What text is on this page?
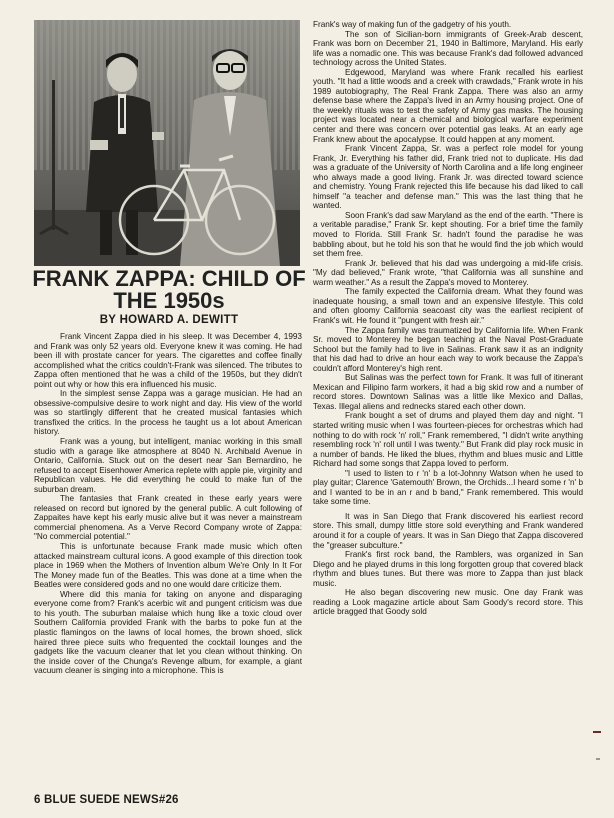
FRANK ZAPPA: CHILD OF THE 1950s
BY HOWARD A. DEWITT

Frank Vincent Zappa died in his sleep. It was December 4, 1993 and Frank was only 52 years old. Everyone knew it was coming. He had been ill with prostate cancer for years. The cigarettes and coffee finally accomplished what the critics couldn't-Frank was silenced. The tributes to Zappa often mentioned that he was a child of the 1950s, but they didn't point out why or how this era influenced his music.

In the simplest sense Zappa was a garage musician. He had an obsessive-compulsive desire to work night and day. His view of the world was so startlingly different that he created musical fantasies which transfixed the critics. In the process he taught us a lot about American history.

Frank was a young, but intelligent, maniac working in this small studio with a garage like atmosphere at 8040 N. Archibald Avenue in Ontario, California. Stuck out on the desert near San Bernardino, he refused to accept Eisenhower America replete with apple pie, virginity and Republican values. He did everything he could to make fun of the suburban dream.

The fantasies that Frank created in these early years were released on record but ignored by the general public. A cult following of Zappaites have kept his early music alive but it was never a mainstream commercial phenomena. As a Verve Record Company wrote of Zappa: "No commercial potential."

This is unfortunate because Frank made music which often attacked mainstream cultural icons. A good example of this direction took place in 1969 when the Mothers of Invention album We're Only In It For The Money made fun of the Beatles. This was done at a time when the Beatles were considered gods and no one would dare criticize them.

Where did this mania for taking on anyone and disparaging everyone come from? Frank's acerbic wit and pungent criticism was due to his youth. The suburban malaise which hung like a toxic cloud over Southern California provided Frank with the barbs to poke fun at the plastic flamingos on the lawns of local homes, the brown shoed, slick haired three piece suits who frequented the cocktail lounges and the gadgets like the vacuum cleaner that let you clean without thinking. On the inside cover of the Chunga's Revenge album, for example, a giant vacuum cleaner is singing into a microphone. This is

Frank's way of making fun of the gadgetry of his youth.

The son of Sicilian-born immigrants of Greek-Arab descent, Frank was born on December 21, 1940 in Baltimore, Maryland. His early life was a nomadic one. This was because Frank's dad followed advanced technology across the United States.

Edgewood, Maryland was where Frank recalled his earliest youth. "It had a little woods and a creek with crawdads," Frank wrote in his 1989 autobiography, The Real Frank Zappa. There was also an army defense base where the Zappa's lived in an Army housing project. One of the weekly rituals was to test the safety of Army gas masks. The housing project was located near a chemical and biological warfare experiment center and there was concern over potential gas leaks. At an early age Frank knew about the apocalypse. It could happen at any moment.

Frank Vincent Zappa, Sr. was a perfect role model for young Frank, Jr. Everything his father did, Frank tried not to duplicate. His dad was a graduate of the University of North Carolina and a life long engineer who always made a good living. Frank Jr. was directed toward science and chemistry. Young Frank rejected this life because his dad liked to call himself "a teacher and defense man." This was the last thing that he wanted.

Soon Frank's dad saw Maryland as the end of the earth. "There is a veritable paradise," Frank Sr. kept shouting. For a brief time the family moved to Florida. Still Frank Sr. hadn't found the paradise he was babbling about, but he told his son that he would find the job which would set them free.

Frank Jr. believed that his dad was undergoing a mid-life crisis. "My dad believed," Frank wrote, "that California was all sunshine and warm weather." As a result the Zappa's moved to Monterey.

The family expected the California dream. What they found was inadequate housing, a small town and an expensive lifestyle. This cold and often gloomy California seacoast city was the earliest recipient of Frank's wit. He found it "pungent with fresh air."

The Zappa family was traumatized by California life. When Frank Sr. moved to Monterey he began teaching at the Naval Post-Graduate School but the family had to live in Salinas. Frank saw it as an indignity that his dad had to drive an hour each way to work because the Zappa's couldn't afford Monterey's high rent.

But Salinas was the perfect town for Frank. It was full of itinerant Mexican and Filipino farm workers, it had a big skid row and a number of record stores. Downtown Salinas was a little like Mexico and Dallas, Texas. Illegal aliens and rednecks stared each other down.

Frank bought a set of drums and played them day and night. "I started writing music when I was fourteen-pieces for orchestras which had nothing to do with rock 'n' roll," Frank remembered, "I didn't write anything resembling rock 'n' roll until I was twenty." But Frank did play rock music in a number of bands. He liked the blues, rhythm and blues music and Little Richard had some songs that Zappa loved to perform.

"I used to listen to r 'n' b a lot-Johnny Watson when he used to play guitar; Clarence 'Gatemouth' Brown, the Orchids...I heard some r 'n' b and I wanted to be in an r and b band," Frank remembered. This would take some time.

It was in San Diego that Frank discovered his earliest record store. This small, dumpy little store sold everything and Frank wandered around it for a couple of years. It was in San Diego that Zappa discovered the "greaser subculture."

Frank's first rock band, the Ramblers, was organized in San Diego and he played drums in this long forgotten group that covered black rhythm and blues tunes. But there was more to Zappa than just black music.

He also began discovering new music. One day Frank was reading a Look magazine article about Sam Goody's record store. This article bragged that Goody sold

6 BLUE SUEDE NEWS#26
